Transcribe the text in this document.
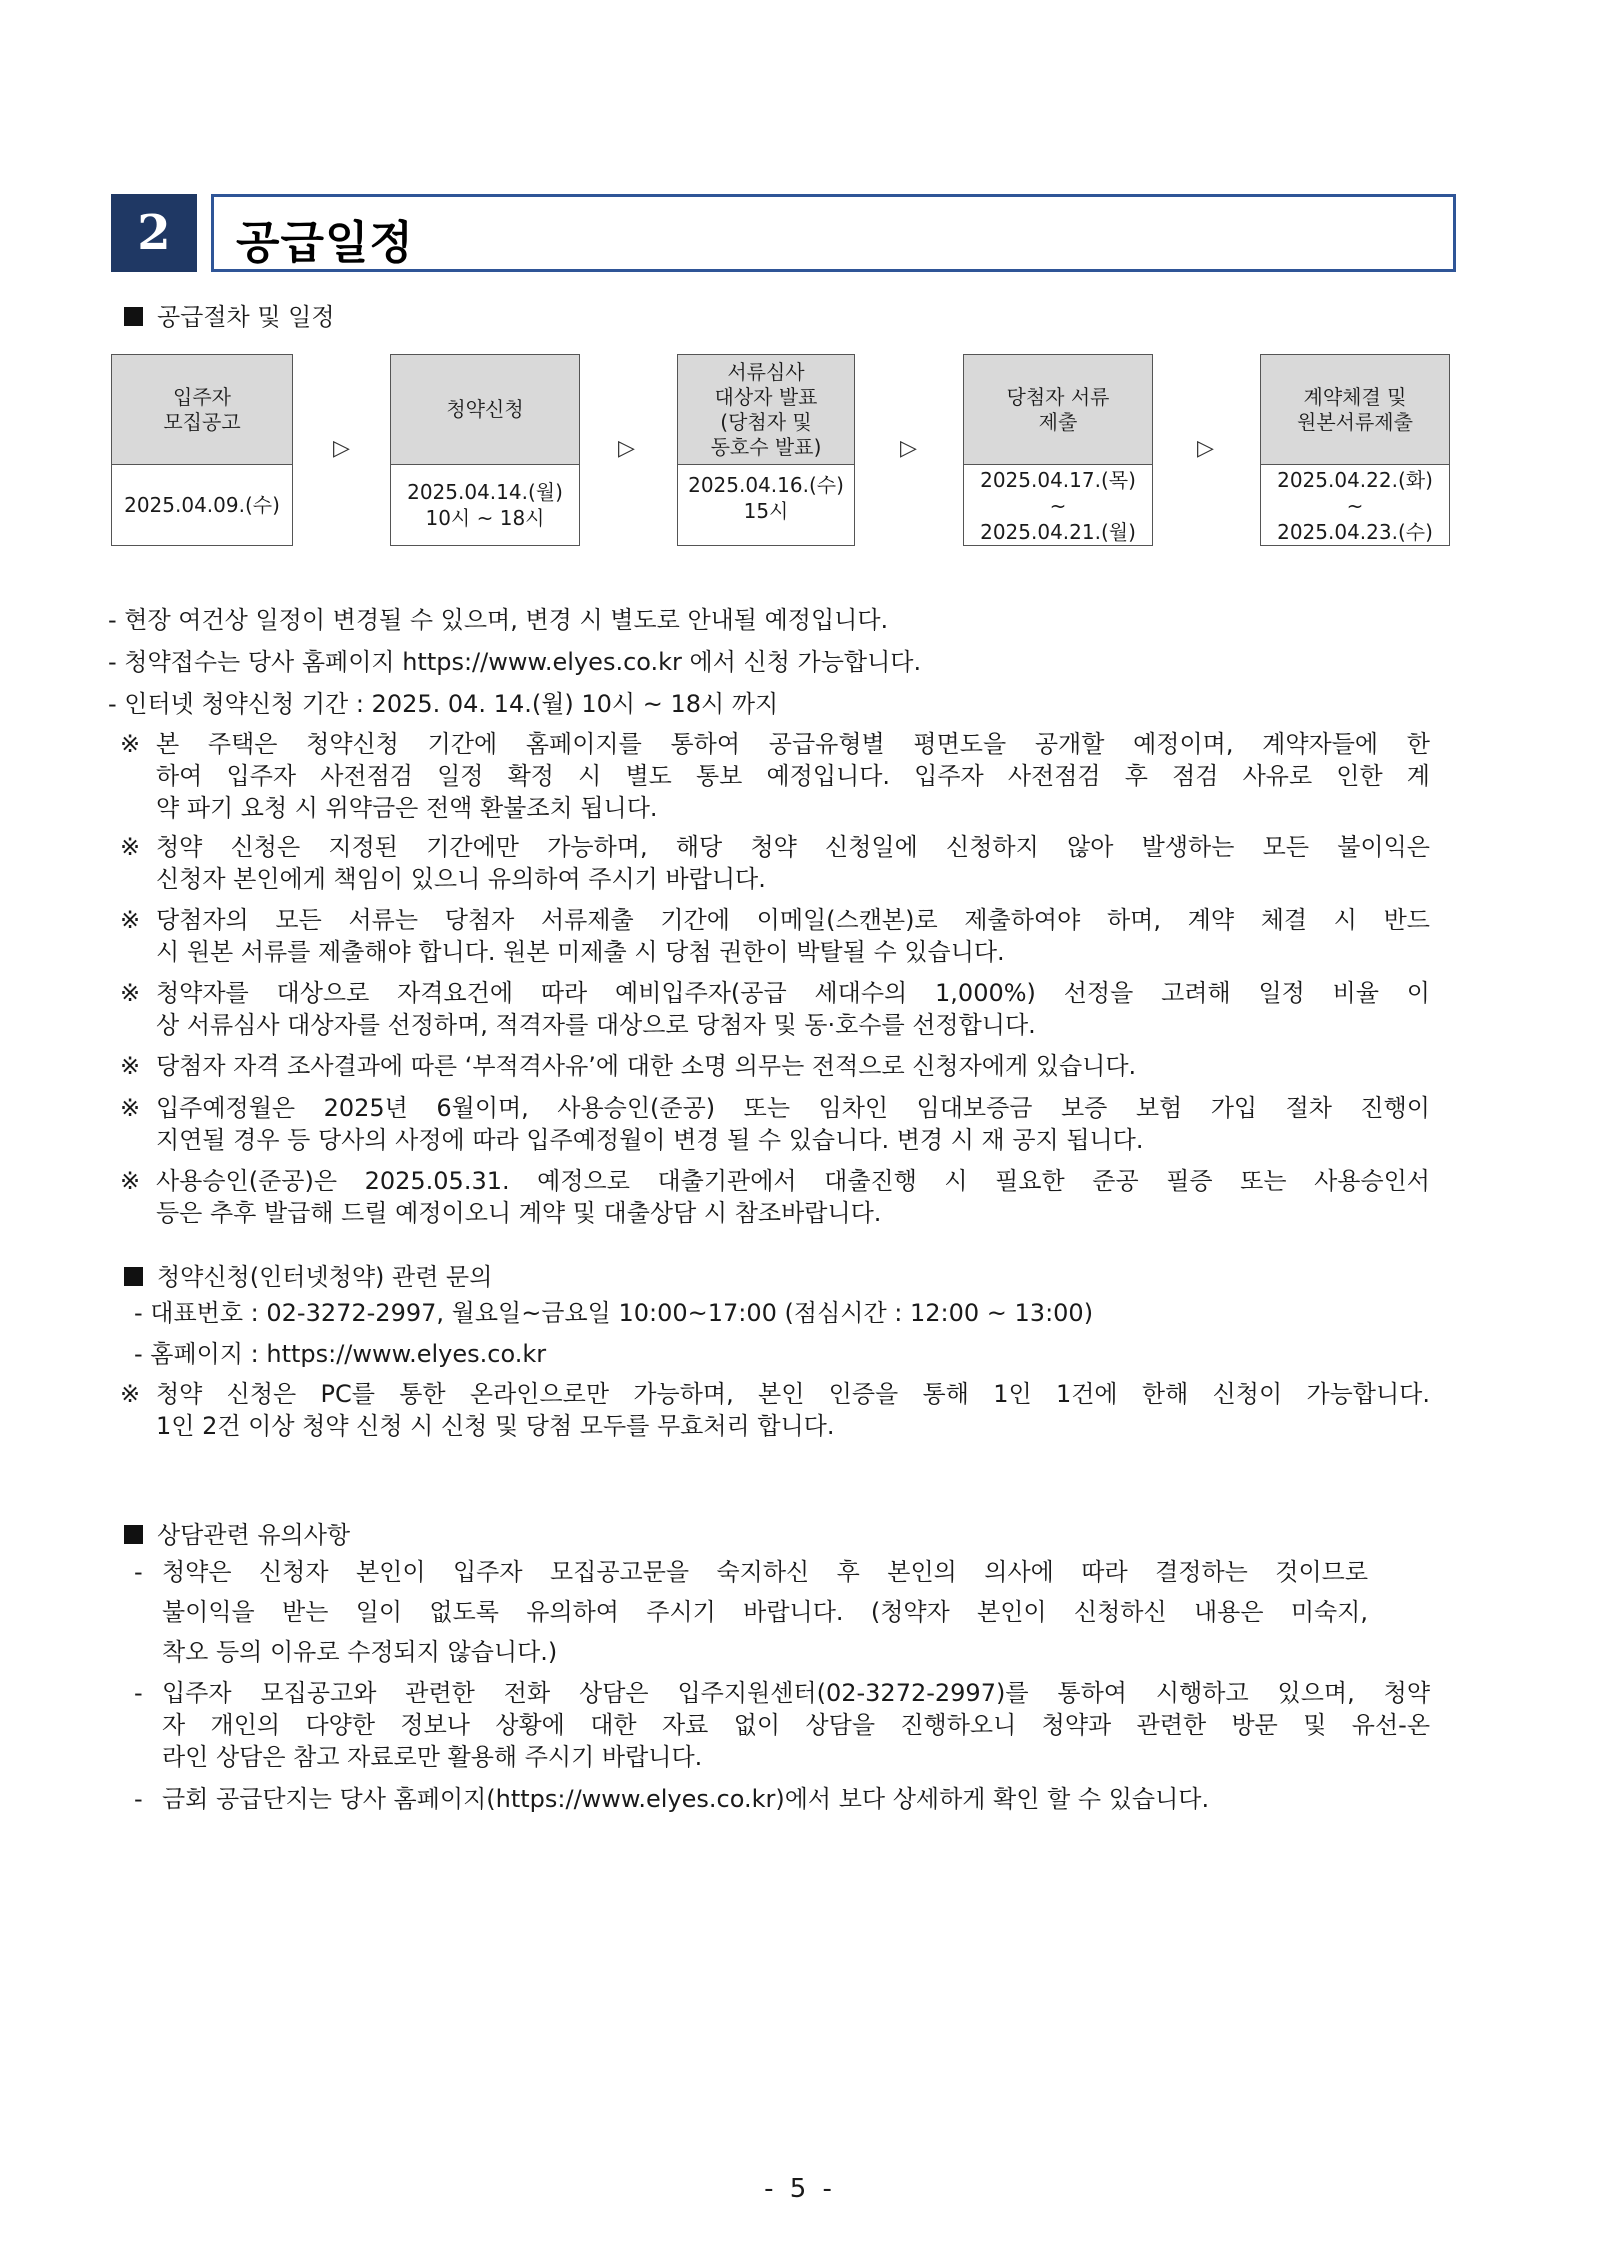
2	공급일정
공급절차 및 일정
입주자
모집공고
2025.04.09.(수)
▷
청약신청
2025.04.14.(월)
10시 ~ 18시
▷
서류심사
대상자 발표
(당첨자 및
동호수 발표)
2025.04.16.(수)
15시
▷
당첨자 서류
제출
2025.04.17.(목)
~
2025.04.21.(월)
▷
계약체결 및
원본서류제출
2025.04.22.(화)
~
2025.04.23.(수)
- 현장 여건상 일정이 변경될 수 있으며, 변경 시 별도로 안내될 예정입니다.
- 청약접수는 당사 홈페이지 https://www.elyes.co.kr 에서 신청 가능합니다.
- 인터넷 청약신청 기간 : 2025. 04. 14.(월) 10시 ~ 18시 까지
※ 본 주택은 청약신청 기간에 홈페이지를 통하여 공급유형별 평면도을 공개할 예정이며, 계약자들에 한
하여 입주자 사전점검 일정 확정 시 별도 통보 예정입니다. 입주자 사전점검 후 점검 사유로 인한 계
약 파기 요청 시 위약금은 전액 환불조치 됩니다.
※ 청약 신청은 지정된 기간에만 가능하며, 해당 청약 신청일에 신청하지 않아 발생하는 모든 불이익은
신청자 본인에게 책임이 있으니 유의하여 주시기 바랍니다.
※ 당첨자의 모든 서류는 당첨자 서류제출 기간에 이메일(스캔본)로 제출하여야 하며, 계약 체결 시 반드
시 원본 서류를 제출해야 합니다. 원본 미제출 시 당첨 권한이 박탈될 수 있습니다.
※ 청약자를 대상으로 자격요건에 따라 예비입주자(공급 세대수의 1,000%) 선정을 고려해 일정 비율 이
상 서류심사 대상자를 선정하며, 적격자를 대상으로 당첨자 및 동·호수를 선정합니다.
※ 당첨자 자격 조사결과에 따른 ‘부적격사유’에 대한 소명 의무는 전적으로 신청자에게 있습니다.
※ 입주예정월은 2025년 6월이며, 사용승인(준공) 또는 임차인 임대보증금 보증 보험 가입 절차 진행이
지연될 경우 등 당사의 사정에 따라 입주예정월이 변경 될 수 있습니다. 변경 시 재 공지 됩니다.
※ 사용승인(준공)은 2025.05.31. 예정으로 대출기관에서 대출진행 시 필요한 준공 필증 또는 사용승인서
등은 추후 발급해 드릴 예정이오니 계약 및 대출상담 시 참조바랍니다.
청약신청(인터넷청약) 관련 문의
- 대표번호 : 02-3272-2997, 월요일~금요일 10:00~17:00 (점심시간 : 12:00 ~ 13:00)
- 홈페이지 : https://www.elyes.co.kr
※ 청약 신청은 PC를 통한 온라인으로만 가능하며, 본인 인증을 통해 1인 1건에 한해 신청이 가능합니다.
1인 2건 이상 청약 신청 시 신청 및 당첨 모두를 무효처리 합니다.
상담관련 유의사항
- 청약은 신청자 본인이 입주자 모집공고문을 숙지하신 후 본인의 의사에 따라 결정하는 것이므로
불이익을 받는 일이 없도록 유의하여 주시기 바랍니다. (청약자 본인이 신청하신 내용은 미숙지,
착오 등의 이유로 수정되지 않습니다.)
- 입주자 모집공고와 관련한 전화 상담은 입주지원센터(02-3272-2997)를 통하여 시행하고 있으며, 청약
자 개인의 다양한 정보나 상황에 대한 자료 없이 상담을 진행하오니 청약과 관련한 방문 및 유선-온
라인 상담은 참고 자료로만 활용해 주시기 바랍니다.
- 금회 공급단지는 당사 홈페이지(https://www.elyes.co.kr)에서 보다 상세하게 확인 할 수 있습니다.
- 5 -
